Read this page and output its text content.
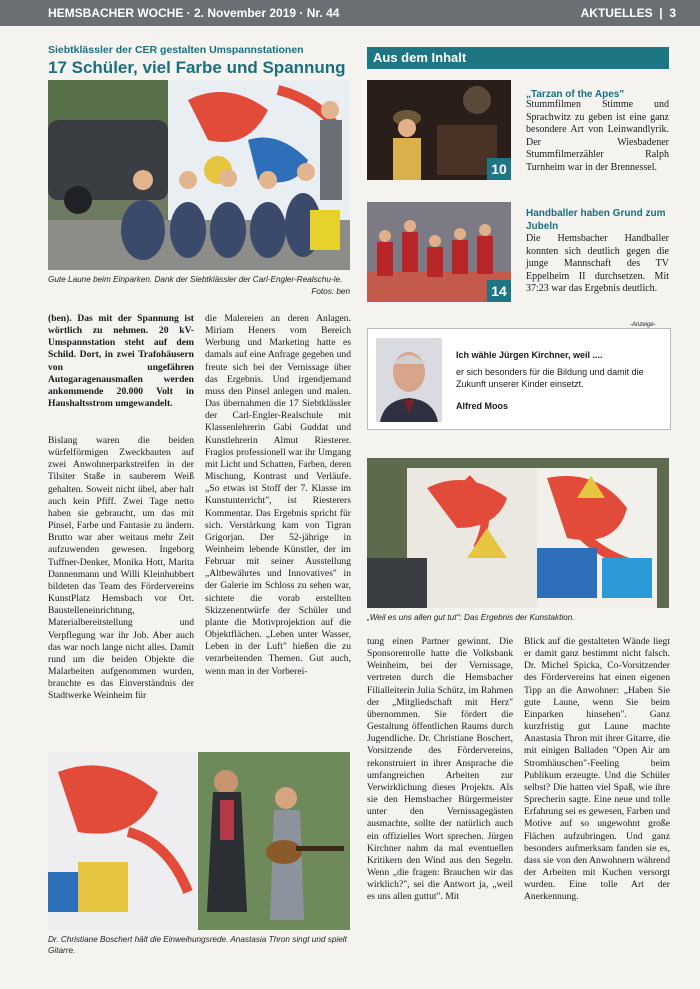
HEMSBACHER WOCHE · 2. November 2019 · Nr. 44	AKTUELLES  |  3
Siebtklässler der CER gestalten Umspannstationen
17 Schüler, viel Farbe und Spannung
Gute Laune beim Einparken. Dank der Siebtklässler der Carl-Engler-Realschu-le.
Fotos: ben
(ben). Das mit der Spannung ist wörtlich zu nehmen. 20 kV-Umspannstation steht auf dem Schild. Dort, in zwei Trafohäusern von ungefähren Autogaragenausmaßen werden ankommende 20.000 Volt in Haushaltsstrom umgewandelt.
Bislang waren die beiden würfelförmigen Zweckbauten auf zwei Anwohnerparkstreifen in der Tilsiter Staße in sauberem Weiß gehalten. Soweit nicht übel, aber halt auch kein Pfiff. Zwei Tage netto haben sie gebraucht, um das mit Pinsel, Farbe und Fantasie zu ändern. Brutto war aber weitaus mehr Zeit aufzuwenden gewesen. Ingeborg Tuffner-Denker, Monika Hott, Marita Dannenmann und Willi Kleinhubbert bildeten das Team des Fördervereins KunstPlatz Hemsbach vor Ort. Baustelleneinrichtung, Materialbereitstellung und Verpflegung war ihr Job. Aber auch das war noch lange nicht alles. Damit rund um die beiden Objekte die Malarbeiten aufgenommen wurden, brauchte es das Einverständnis der Stadtwerke Weinheim für
die Malereien an deren Anlagen. Miriam Heners vom Bereich Werbung und Marketing hatte es damals auf eine Anfrage gegeben und freute sich bei der Vernissage über das Ergebnis. Und irgendjemand muss den Pinsel anlegen und malen. Das übernahmen die 17 Siebtklässler der Carl-Engler-Realschule mit Klassenlehrerin Gabi Guddat und Kunstlehrerin Almut Riesterer. Fraglos professionell war ihr Umgang mit Licht und Schatten, Farben, deren Mischung, Kontrast und Verläufe. „So etwas ist Stoff der 7. Klasse im Kunstunterricht", ist Riesterers Kommentar. Das Ergebnis spricht für sich. Verstärkung kam von Tigran Grigorjan. Der 52-jährige in Weinheim lebende Künstler, der im Februar mit seiner Ausstellung „Altbewährtes und Innovatives" in der Galerie im Schloss zu sehen war, sichtete die vorab erstellten Skizzenentwürfe der Schüler und plante die Motivprojektion auf die Objektflächen. „Leben unter Wasser, Leben in der Luft" hießen die zu verarbeitenden Themen. Gut auch, wenn man in der Vorberei-
Aus dem Inhalt
10
„Tarzan of the Apes"
Stummfilmen Stimme und Sprachwitz zu geben ist eine ganz besondere Art von Leinwandlyrik. Der Wiesbadener Stummfilmerzähler Ralph Turnheim war in der Brennessel.
14
Handballer haben Grund zum Jubeln
Die Hemsbacher Handballer konnten sich deutlich gegen die junge Mannschaft des TV Eppelheim II durchsetzen. Mit 37:23 war das Ergebnis deutlich.
-Anzeige-
Ich wähle Jürgen Kirchner, weil ....
er sich besonders für die Bildung und damit die Zukunft unserer Kinder einsetzt.
Alfred Moos
„Weil es uns allen gut tut": Das Ergebnis der Kunstaktion.
tung einen Partner gewinnt. Die Sponsorenrolle hatte die Volksbank Weinheim, bei der Vernissage, vertreten durch die Hemsbacher Filialleiterin Julia Schütz, im Rahmen der „Mitgliedschaft mit Herz" übernommen. Sie fördert die Gestaltung öffentlichen Raums durch Jugendliche. Dr. Christiane Boschert, Vorsitzende des Fördervereins, rekonstruiert in ihrer Ansprache die umfangreichen Arbeiten zur Verwirklichung dieses Projekts. Als sie den Hemsbacher Bürgermeister unter den Vernissagegästen ausmachte, sollte der natürlich auch ein offizielles Wort sprechen. Jürgen Kirchner nahm da mal eventuellen Kritikern den Wind aus den Segeln. Wenn „die fragen: Brauchen wir das wirklich?", sei die Antwort ja, „weil es uns allen guttut". Mit
Blick auf die gestalteten Wände liegt er damit ganz bestimmt nicht falsch. Dr. Michel Spicka, Co-Vorsitzender des Fördervereins hat einen eigenen Tipp an die Anwohner: „Haben Sie gute Laune, wenn Sie beim Einparken hinsehen". Ganz kurzfristig gut Laune machte Anastasia Thron mit ihrer Gitarre, die mit einigen Balladen "Open Air am Stromhäuschen"-Feeling beim Publikum erzeugte. Und die Schüler selbst? Die hatten viel Spaß, wie ihre Sprecherin sagte. Eine neue und tolle Erfahrung sei es gewesen, Farben und Motive auf so ungewohnt große Flächen aufzubringen. Und ganz besonders aufmerksam fanden sie es, dass sie von den Anwohnern während der Arbeiten mit Kuchen versorgt wurden. Eine tolle Art der Anerkennung.
Dr. Christiane Boschert hält die Einweihungsrede. Anastasia Thron singt und spielt Gitarre.
